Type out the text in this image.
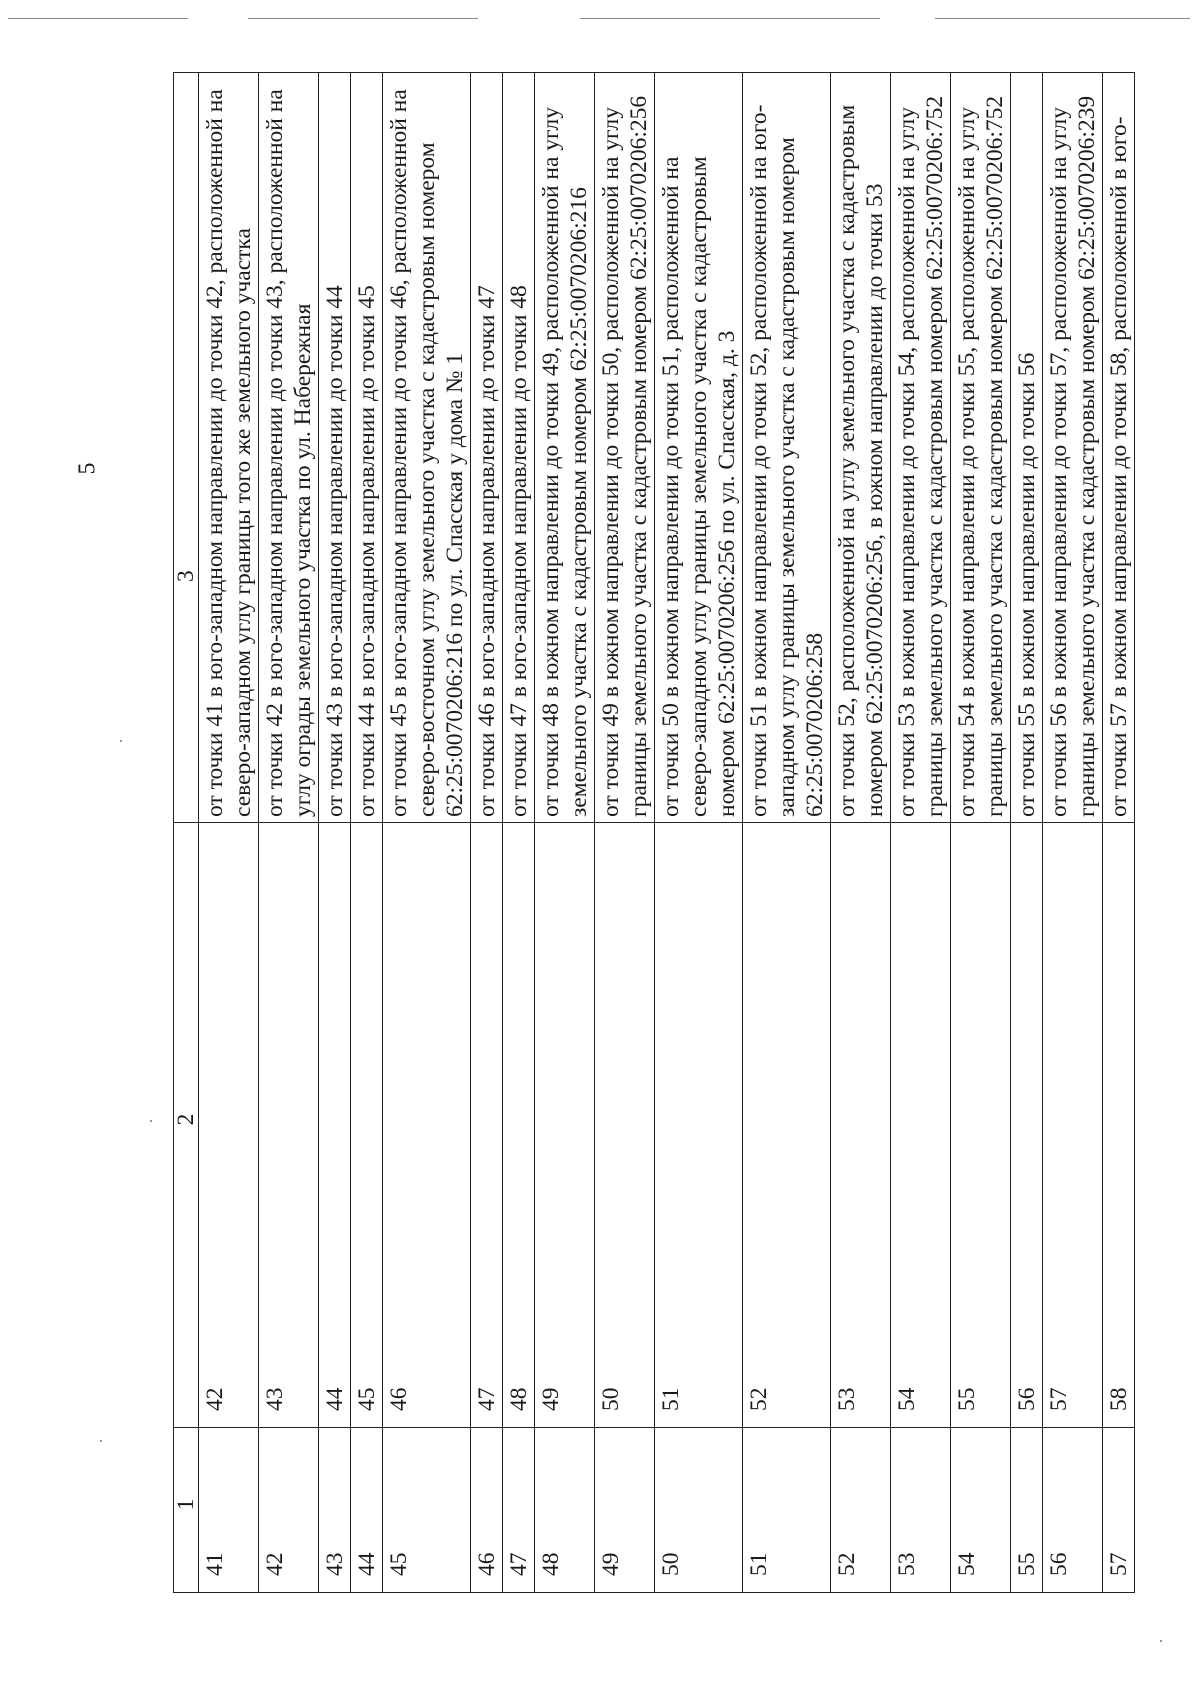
5
1	2	3
41	42	от точки 41 в юго-западном направлении до точки 42, расположенной на северо-западном углу границы того же земельного участка
42	43	от точки 42 в юго-западном направлении до точки 43, расположенной на углу ограды земельного участка по ул. Набережная
43	44	от точки 43 в юго-западном направлении до точки 44
44	45	от точки 44 в юго-западном направлении до точки 45
45	46	от точки 45 в юго-западном направлении до точки 46, расположенной на северо-восточном углу земельного участка с кадастровым номером 62:25:0070206:216 по ул. Спасская у дома № 1
46	47	от точки 46 в юго-западном направлении до точки 47
47	48	от точки 47 в юго-западном направлении до точки 48
48	49	от точки 48 в южном направлении до точки 49, расположенной на углу земельного участка с кадастровым номером 62:25:0070206:216
49	50	от точки 49 в южном направлении до точки 50, расположенной на углу границы земельного участка с кадастровым номером 62:25:0070206:256
50	51	от точки 50 в южном направлении до точки 51, расположенной на северо-западном углу границы земельного участка с кадастровым номером 62:25:0070206:256 по ул. Спасская, д. 3
51	52	от точки 51 в южном направлении до точки 52, расположенной на юго-западном углу границы земельного участка с кадастровым номером 62:25:0070206:258
52	53	от точки 52, расположенной на углу земельного участка с кадастровым номером 62:25:0070206:256, в южном направлении до точки 53
53	54	от точки 53 в южном направлении до точки 54, расположенной на углу границы земельного участка с кадастровым номером 62:25:0070206:752
54	55	от точки 54 в южном направлении до точки 55, расположенной на углу границы земельного участка с кадастровым номером 62:25:0070206:752
55	56	от точки 55 в южном направлении до точки 56
56	57	от точки 56 в южном направлении до точки 57, расположенной на углу границы земельного участка с кадастровым номером 62:25:0070206:239
57	58	от точки 57 в южном направлении до точки 58, расположенной в юго-
